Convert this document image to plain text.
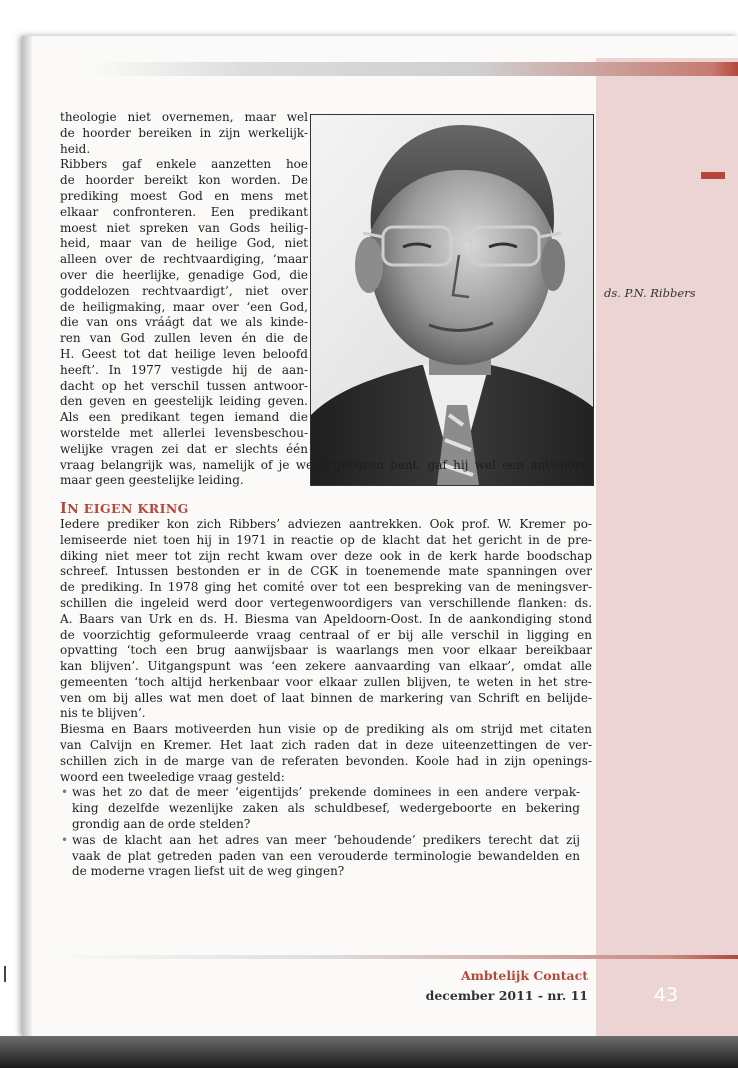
ds. P.N. Ribbers
theologie niet overnemen, maar wel
de hoorder bereiken in zijn werkelijk-
heid.
Ribbers gaf enkele aanzetten hoe
de hoorder bereikt kon worden. De
prediking moest God en mens met
elkaar confronteren. Een predikant
moest niet spreken van Gods heilig-
heid, maar van de heilige God, niet
alleen over de rechtvaardiging, ‘maar
over die heerlijke, genadige God, die
goddelozen rechtvaardigt’, niet over
de heiligmaking, maar over ‘een God,
die van ons vráágt dat we als kinde-
ren van God zullen leven én die de
H. Geest tot dat heilige leven beloofd
heeft’. In 1977 vestigde hij de aan-
dacht op het verschil tussen antwoor-
den geven en geestelijk leiding geven.
Als een predikant tegen iemand die
worstelde met allerlei levensbeschou-
welijke vragen zei dat er slechts één
vraag belangrijk was, namelijk of je wedergeboren bent, gaf hij wel een antwoord,
maar geen geestelijke leiding.
IN EIGEN KRING
Iedere prediker kon zich Ribbers’ adviezen aantrekken. Ook prof. W. Kremer po-
lemiseerde niet toen hij in 1971 in reactie op de klacht dat het gericht in de pre-
diking niet meer tot zijn recht kwam over deze ook in de kerk harde boodschap
schreef. Intussen bestonden er in de CGK in toenemende mate spanningen over
de prediking. In 1978 ging het comité over tot een bespreking van de meningsver-
schillen die ingeleid werd door vertegenwoordigers van verschillende flanken: ds.
A. Baars van Urk en ds. H. Biesma van Apeldoorn-Oost. In de aankondiging stond
de voorzichtig geformuleerde vraag centraal of er bij alle verschil in ligging en
opvatting ‘toch een brug aanwijsbaar is waarlangs men voor elkaar bereikbaar
kan blijven’. Uitgangspunt was ‘een zekere aanvaarding van elkaar’, omdat alle
gemeenten ‘toch altijd herkenbaar voor elkaar zullen blijven, te weten in het stre-
ven om bij alles wat men doet of laat binnen de markering van Schrift en belijde-
nis te blijven’.
Biesma en Baars motiveerden hun visie op de prediking als om strijd met citaten
van Calvijn en Kremer. Het laat zich raden dat in deze uiteenzettingen de ver-
schillen zich in de marge van de referaten bevonden. Koole had in zijn openings-
woord een tweeledige vraag gesteld:
• was het zo dat de meer ‘eigentijds’ prekende dominees in een andere verpak-
king dezelfde wezenlijke zaken als schuldbesef, wedergeboorte en bekering
grondig aan de orde stelden?
• was de klacht aan het adres van meer ‘behoudende’ predikers terecht dat zij
vaak de plat getreden paden van een verouderde terminologie bewandelden en
de moderne vragen liefst uit de weg gingen?
Ambtelijk Contact
december 2011 - nr. 11	43
